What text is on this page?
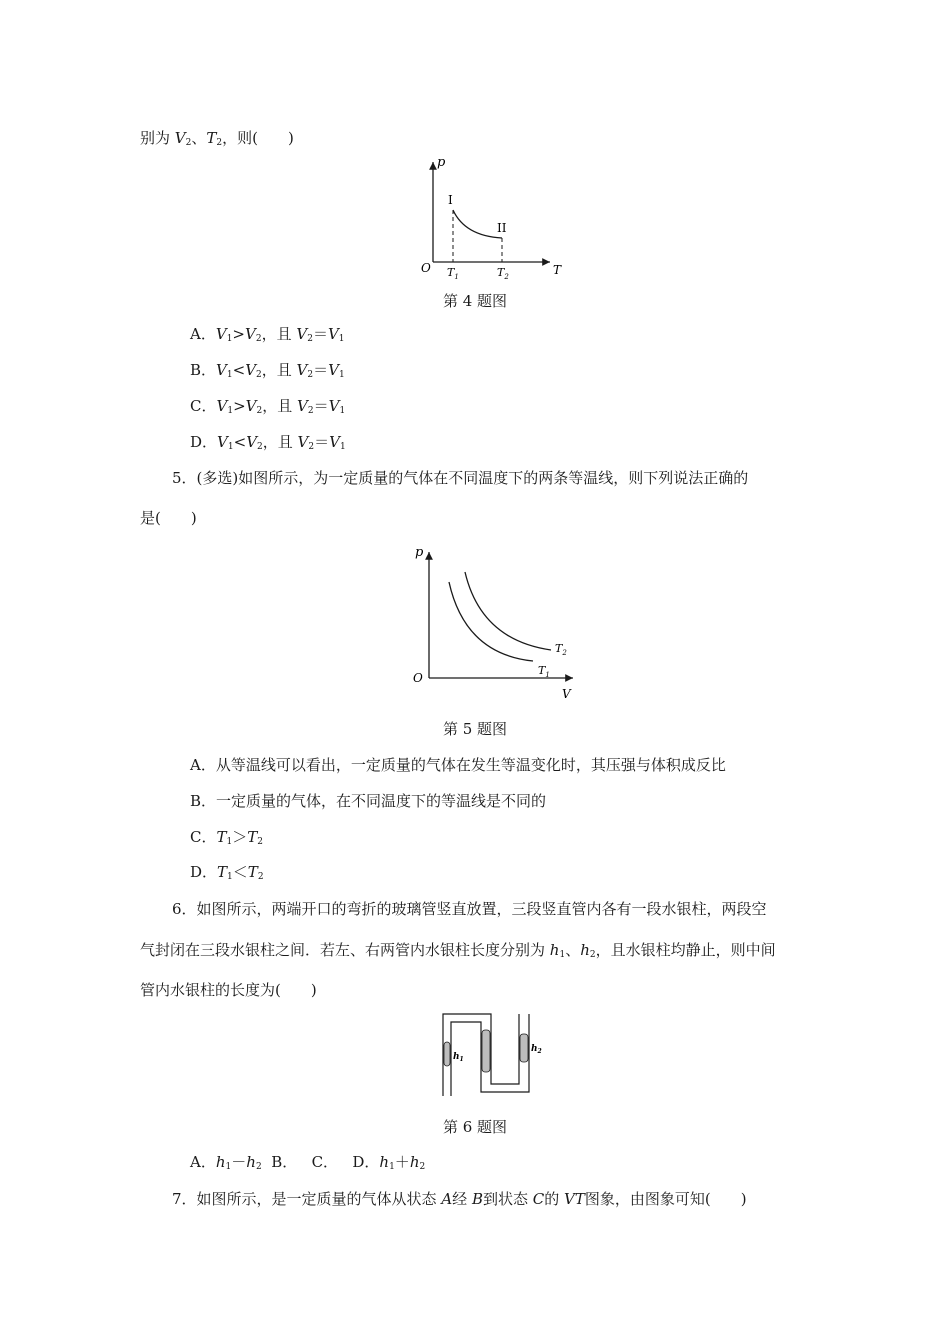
别为 $V_2$、$T_2$，则(　　)
p
T
O
I
II
$T_1$	$T_2$
第 4 题图
A．$V_1>V_2$，且 $V_2=V_1$
B．$V_1<V_2$，且 $V_2=V_1$
C．$V_1>V_2$，且 $V_2=V_1$
D．$V_1<V_2$，且 $V_2=V_1$
5．(多选)如图所示，为一定质量的气体在不同温度下的两条等温线，则下列说法正确的
是(　　)
p
V
O
$T_2$
$T_1$
第 5 题图
A．从等温线可以看出，一定质量的气体在发生等温变化时，其压强与体积成反比
B．一定质量的气体，在不同温度下的等温线是不同的
C．$T_1>T_2$
D．$T_1<T_2$
6．如图所示，两端开口的弯折的玻璃管竖直放置，三段竖直管内各有一段水银柱，两段空
气封闭在三段水银柱之间．若左、右两管内水银柱长度分别为 $h_1$、$h_2$，且水银柱均静止，则中间
管内水银柱的长度为(　　)
$h_1$
$h_2$
第 6 题图
A．$h_1-h_2$ B． C． D．$h_1+h_2$
7．如图所示，是一定质量的气体从状态 A经 B到状态 C的 VT图象，由图象可知(　　)
